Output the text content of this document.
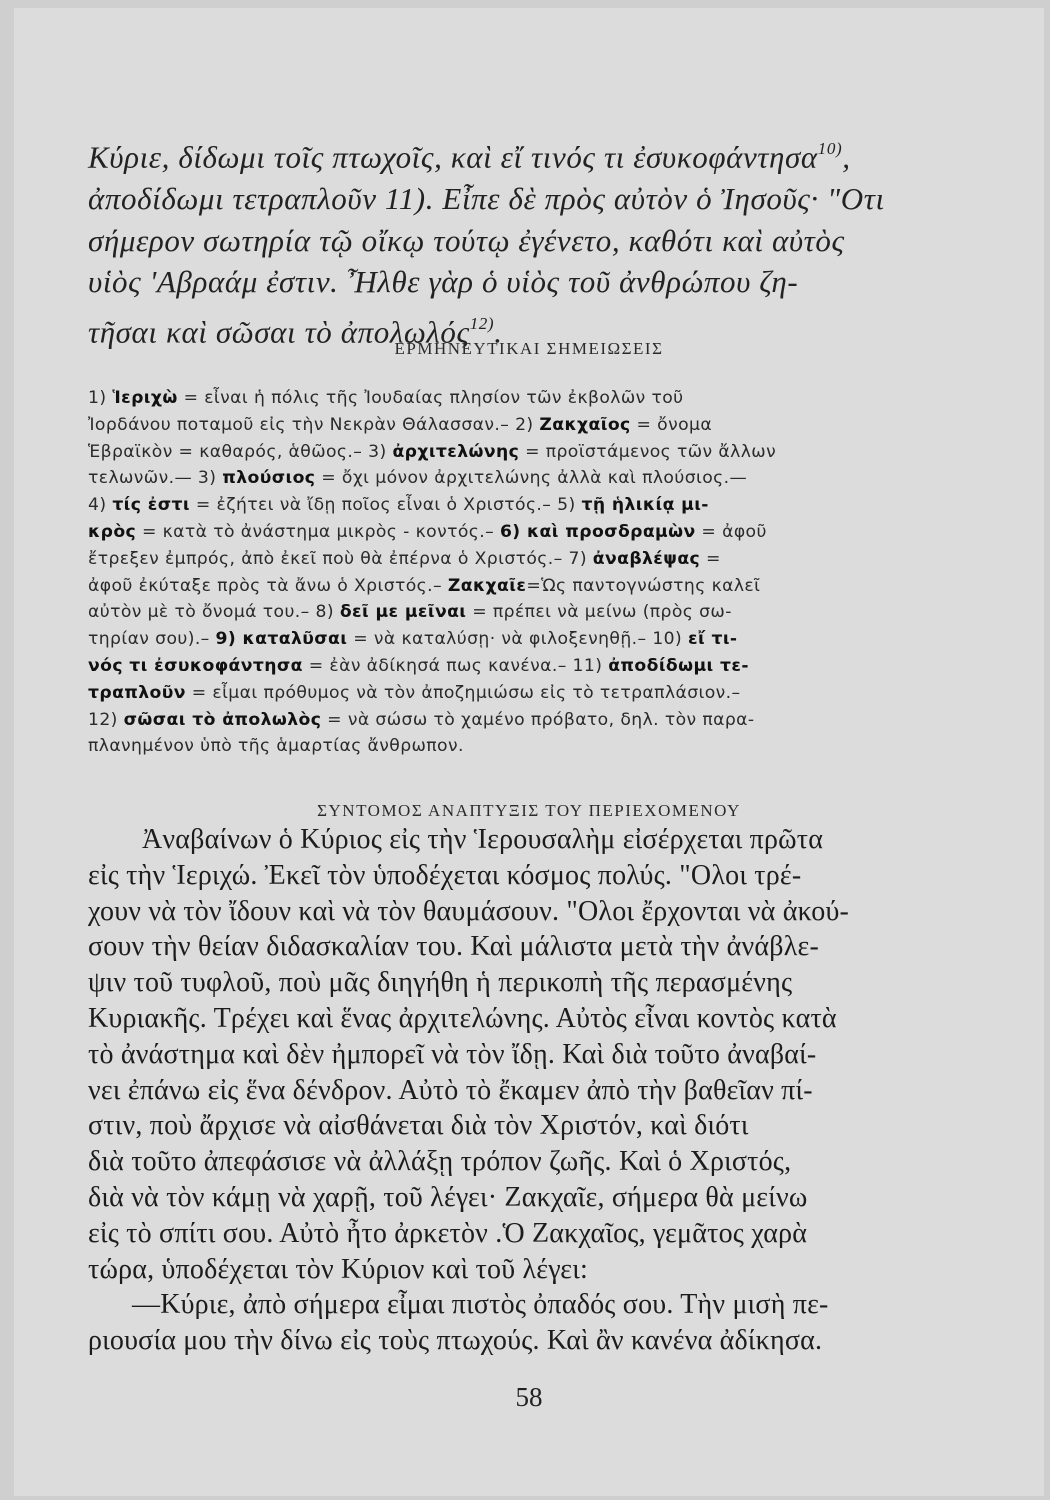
Κύριε, δίδωμι τοῖς πτωχοῖς, καὶ εἴ τινός τι ἐσυκοφάντησα$^{10)}$,
ἀποδίδωμι τετραπλοῦν 11). Εἶπε δὲ πρὸς αὐτὸν ὁ Ἰησοῦς· "Οτι
σήμερον σωτηρία τῷ οἴκῳ τούτῳ ἐγένετο, καθότι καὶ αὐτὸς
υἱὸς 'Αβραάμ ἐστιν. Ἦλθε γὰρ ὁ υἱὸς τοῦ ἀνθρώπου ζη-
τῆσαι καὶ σῶσαι τὸ ἀπολωλός$^{12)}$.
ΕΡΜΗΝΕΥΤΙΚΑΙ ΣΗΜΕΙΩΣΕΙΣ
1) Ἱεριχὼ = εἶναι ἡ πόλις τῆς Ἰουδαίας πλησίον τῶν ἐκβολῶν τοῦ
Ἰορδάνου ποταμοῦ εἰς τὴν Νεκρὰν Θάλασσαν.– 2) Ζακχαῖος = ὄνομα
Ἑβραϊκὸν = καθαρός, ἁθῶος.– 3) ἀρχιτελώνης = προϊστάμενος τῶν ἄλλων
τελωνῶν.— 3) πλούσιος = ὄχι μόνον ἀρχιτελώνης ἀλλὰ καὶ πλούσιος.—
4) τίς ἐστι = ἐζήτει νὰ ἴδῃ ποῖος εἶναι ὁ Χριστός.– 5) τῇ ἡλικίᾳ μι-
κρὸς = κατὰ τὸ ἀνάστημα μικρὸς - κοντός.– 6) καὶ προσδραμὼν = ἀφοῦ
ἔτρεξεν ἐμπρός, ἀπὸ ἐκεῖ ποὺ θὰ ἐπέρνα ὁ Χριστός.– 7) ἀναβλέψας =
ἀφοῦ ἐκύταξε πρὸς τὰ ἄνω ὁ Χριστός.– Ζακχαῖε=Ὡς παντογνώστης καλεῖ
αὐτὸν μὲ τὸ ὄνομά του.– 8) δεῖ με μεῖναι = πρέπει νὰ μείνω (πρὸς σω-
τηρίαν σου).– 9) καταλῦσαι = νὰ καταλύσῃ· νὰ φιλοξενηθῇ.– 10) εἴ τι-
νός τι ἐσυκοφάντησα = ἐὰν ἀδίκησά πως κανένα.– 11) ἀποδίδωμι τε-
τραπλοῦν = εἶμαι πρόθυμος νὰ τὸν ἀποζημιώσω εἰς τὸ τετραπλάσιον.–
12) σῶσαι τὸ ἀπολωλὸς = νὰ σώσω τὸ χαμένο πρόβατο, δηλ. τὸν παρα-
πλανημένον ὑπὸ τῆς ἁμαρτίας ἄνθρωπον.
ΣΥΝΤΟΜΟΣ ΑΝΑΠΤΥΞΙΣ ΤΟΥ ΠΕΡΙΕΧΟΜΕΝΟΥ
Ἀναβαίνων ὁ Κύριος εἰς τὴν Ἱερουσαλὴμ εἰσέρχεται πρῶτα
εἰς τὴν Ἱεριχώ. Ἐκεῖ τὸν ὑποδέχεται κόσμος πολύς. "Ολοι τρέ-
χουν νὰ τὸν ἴδουν καὶ νὰ τὸν θαυμάσουν. "Ολοι ἔρχονται νὰ ἀκού-
σουν τὴν θείαν διδασκαλίαν του. Καὶ μάλιστα μετὰ τὴν ἀνάβλε-
ψιν τοῦ τυφλοῦ, ποὺ μᾶς διηγήθη ἡ περικοπὴ τῆς περασμένης
Κυριακῆς. Τρέχει καὶ ἕνας ἀρχιτελώνης. Αὐτὸς εἶναι κοντὸς κατὰ
τὸ ἀνάστημα καὶ δὲν ἠμπορεῖ νὰ τὸν ἴδῃ. Καὶ διὰ τοῦτο ἀναβαί-
νει ἐπάνω εἰς ἕνα δένδρον. Αὐτὸ τὸ ἔκαμεν ἀπὸ τὴν βαθεῖαν πί-
στιν, ποὺ ἄρχισε νὰ αἰσθάνεται διὰ τὸν Χριστόν, καὶ διότι
διὰ τοῦτο ἀπεφάσισε νὰ ἀλλάξῃ τρόπον ζωῆς. Καὶ ὁ Χριστός,
διὰ νὰ τὸν κάμῃ νὰ χαρῇ, τοῦ λέγει· Ζακχαῖε, σήμερα θὰ μείνω
εἰς τὸ σπίτι σου. Αὐτὸ ἦτο ἀρκετὸν .Ὁ Ζακχαῖος, γεμᾶτος χαρὰ
τώρα, ὑποδέχεται τὸν Κύριον καὶ τοῦ λέγει:
—Κύριε, ἀπὸ σήμερα εἶμαι πιστὸς ὀπαδός σου. Τὴν μισὴ πε-
ριουσία μου τὴν δίνω εἰς τοὺς πτωχούς. Καὶ ἂν κανένα ἀδίκησα.
58
